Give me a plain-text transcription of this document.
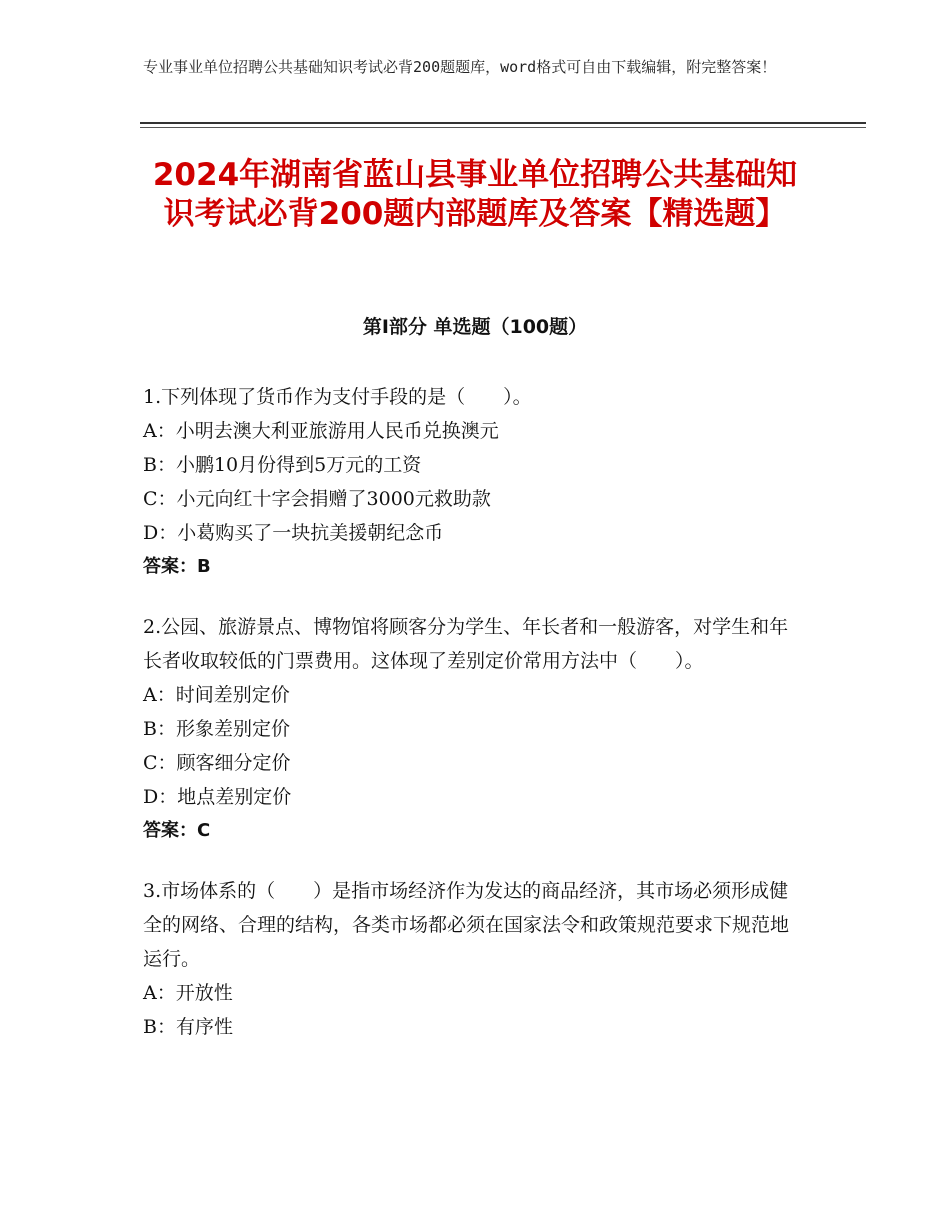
专业事业单位招聘公共基础知识考试必背200题题库，word格式可自由下载编辑，附完整答案！
2024年湖南省蓝山县事业单位招聘公共基础知识考试必背200题内部题库及答案【精选题】
第Ⅰ部分 单选题（100题）

1.下列体现了货币作为支付手段的是（　　）。

A：小明去澳大利亚旅游用人民币兑换澳元

B：小鹏10月份得到5万元的工资

C：小元向红十字会捐赠了3000元救助款

D：小葛购买了一块抗美援朝纪念币

答案：B

2.公园、旅游景点、博物馆将顾客分为学生、年长者和一般游客，对学生和年长者收取较低的门票费用。这体现了差别定价常用方法中（　　）。

A：时间差别定价

B：形象差别定价

C：顾客细分定价

D：地点差别定价

答案：C

3.市场体系的（　　）是指市场经济作为发达的商品经济，其市场必须形成健全的网络、合理的结构，各类市场都必须在国家法令和政策规范要求下规范地运行。

A：开放性

B：有序性
